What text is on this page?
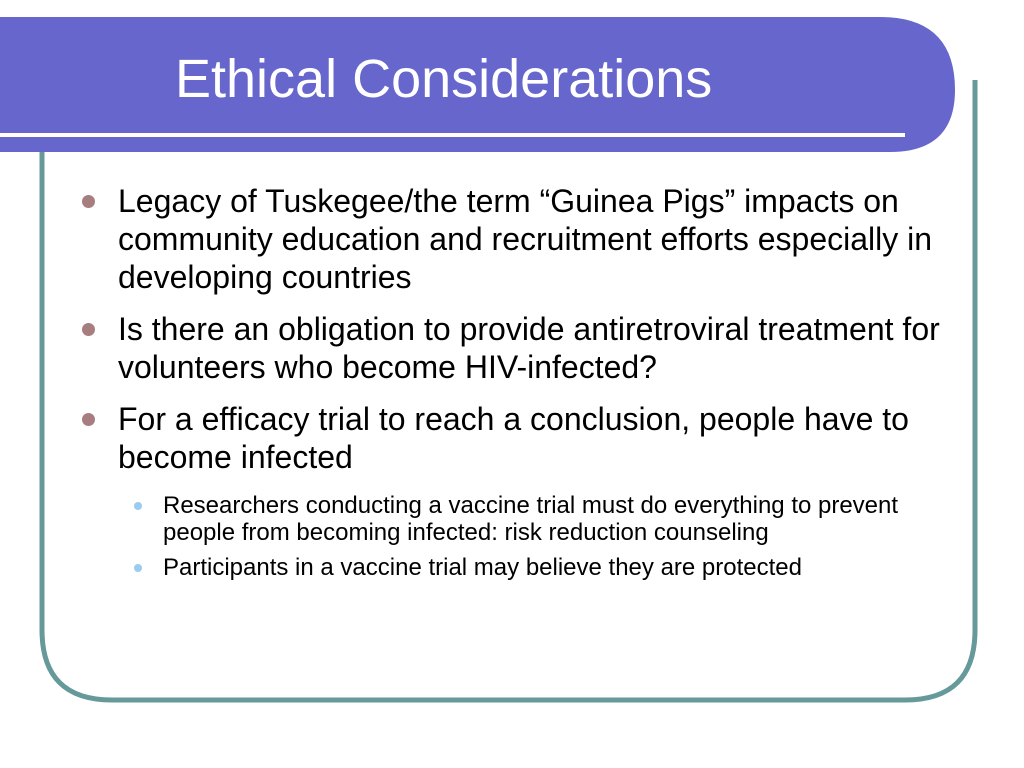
Ethical Considerations
Legacy of Tuskegee/the term “Guinea Pigs” impacts on community education and recruitment efforts especially in developing countries
Is there an obligation to provide antiretroviral treatment for volunteers who become HIV-infected?
For a efficacy trial to reach a conclusion, people have to become infected
Researchers conducting a vaccine trial must do everything to prevent people from becoming infected: risk reduction counseling
Participants in a vaccine trial may believe they are protected
